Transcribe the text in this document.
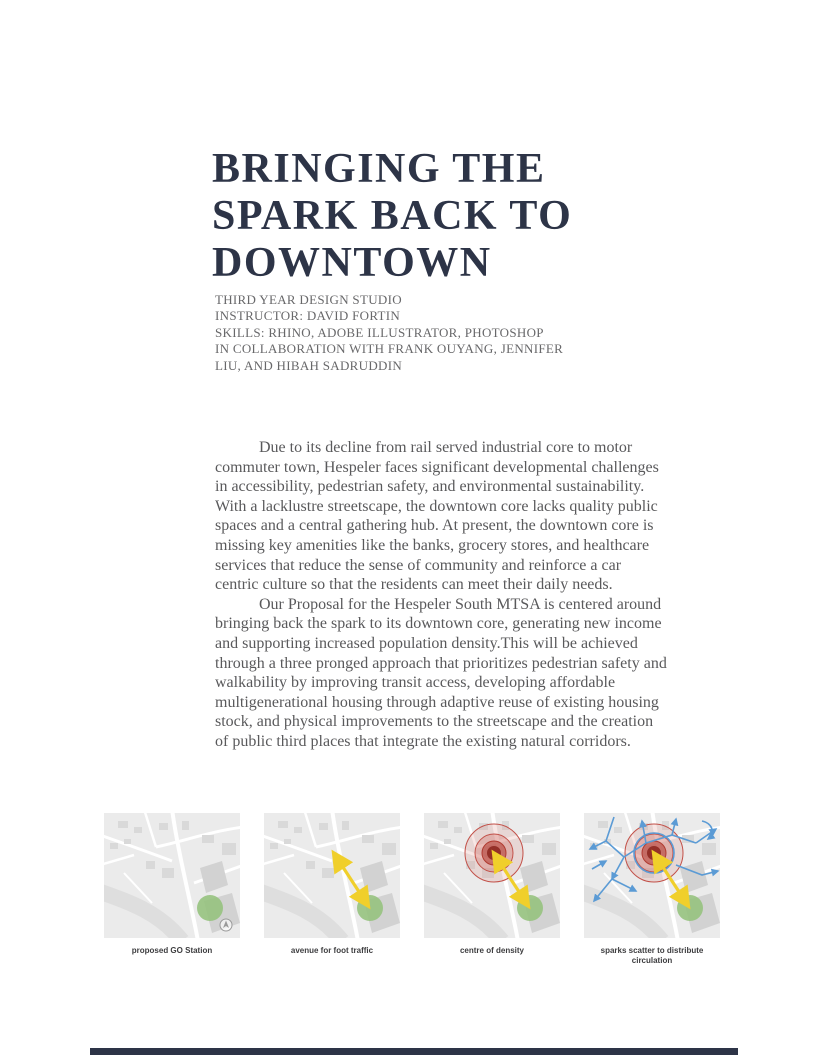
BRINGING THE
SPARK BACK TO
DOWNTOWN
THIRD YEAR DESIGN STUDIO
INSTRUCTOR: DAVID FORTIN
SKILLS: RHINO, ADOBE ILLUSTRATOR, PHOTOSHOP
IN COLLABORATION WITH FRANK OUYANG, JENNIFER
LIU, AND HIBAH SADRUDDIN

Due to its decline from rail served industrial core to motor commuter town, Hespeler faces significant developmental challenges in accessibility, pedestrian safety, and environmental sustainability. With a lacklustre streetscape, the downtown core lacks quality public spaces and a central gathering hub. At present, the downtown core is missing key amenities like the banks, grocery stores, and healthcare services that reduce the sense of community and reinforce a car centric culture so that the residents can meet their daily needs.

Our Proposal for the Hespeler South MTSA is centered around bringing back the spark to its downtown core, generating new income and supporting increased population density.This will be achieved through a three pronged approach that prioritizes pedestrian safety and walkability by improving transit access, developing affordable multigenerational housing through adaptive reuse of existing housing stock, and physical improvements to the streetscape and the creation of public third places that integrate the existing natural corridors.

proposed GO Station	avenue for foot traffic	centre of density	sparks scatter to distribute circulation
